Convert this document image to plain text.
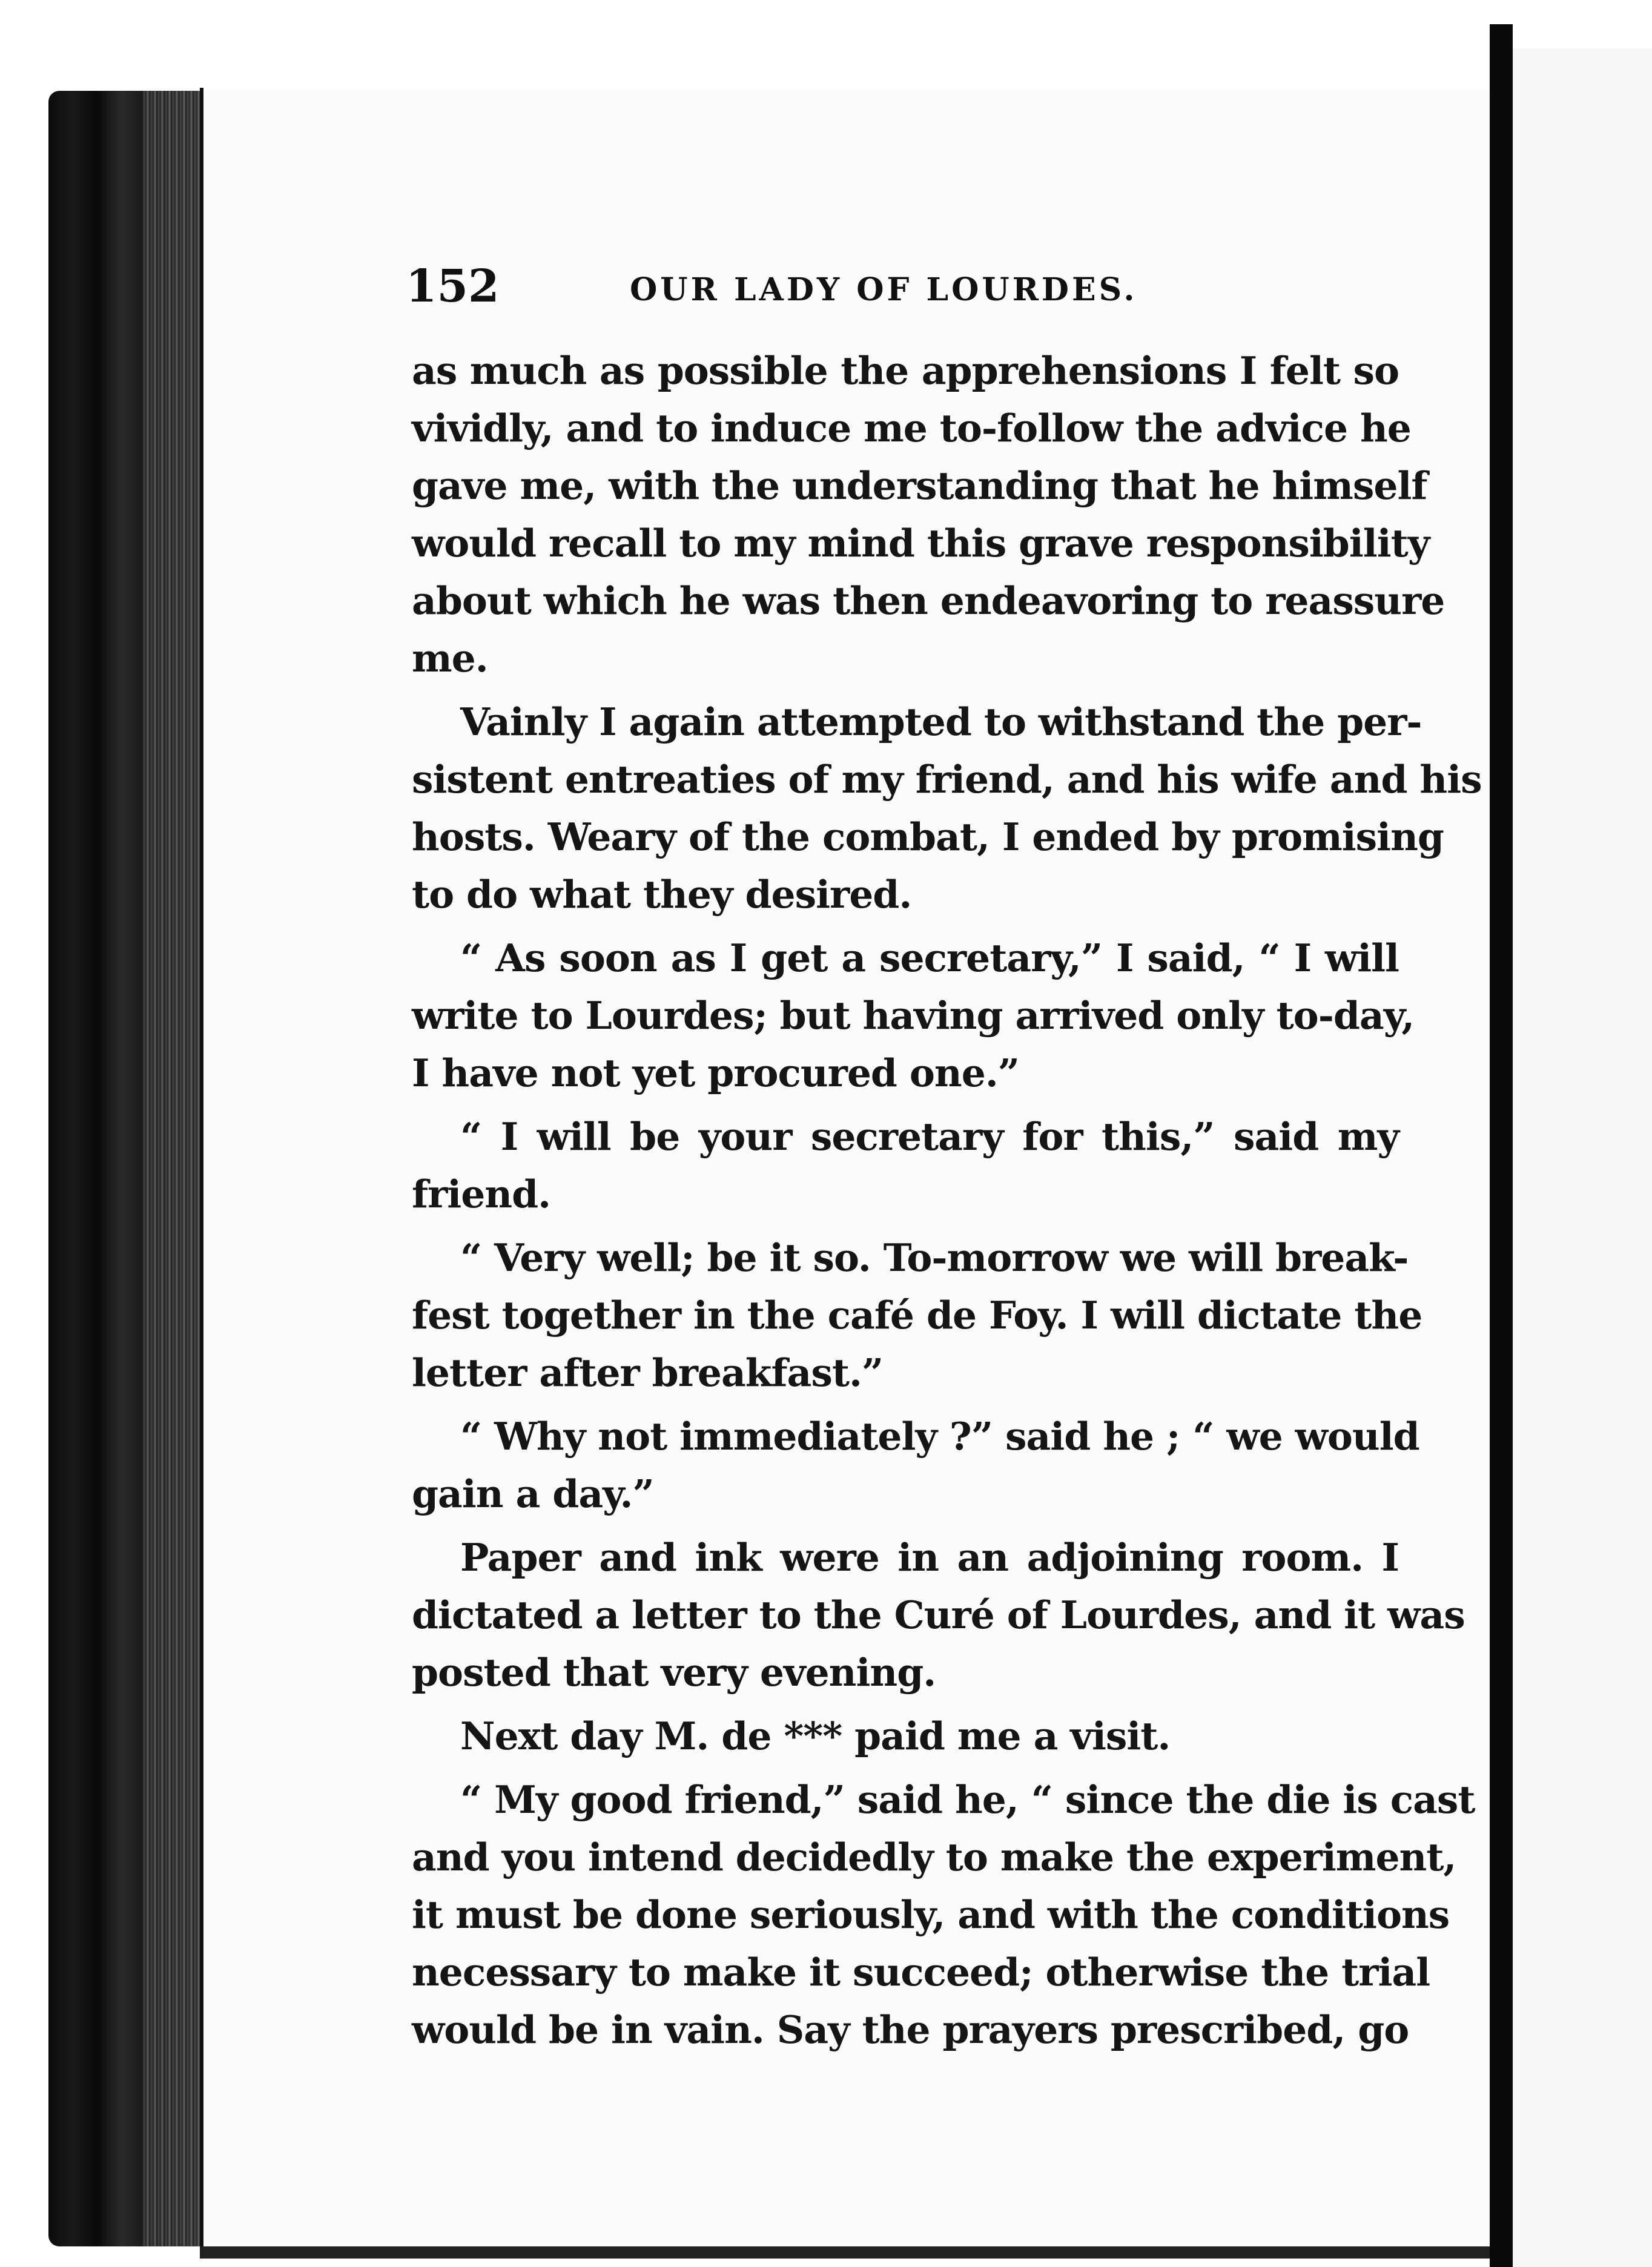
152	OUR LADY OF LOURDES.
as much as possible the apprehensions I felt so
vividly, and to induce me to-follow the advice he
gave me, with the understanding that he himself
would recall to my mind this grave responsibility
about which he was then endeavoring to reassure
me.
Vainly I again attempted to withstand the per-
sistent entreaties of my friend, and his wife and his
hosts. Weary of the combat, I ended by promising
to do what they desired.
“ As soon as I get a secretary,” I said, “ I will
write to Lourdes; but having arrived only to-day,
I have not yet procured one.”
“ I will be your secretary for this,” said my
friend.
“ Very well; be it so. To-morrow we will break-
fest together in the café de Foy. I will dictate the
letter after breakfast.”
“ Why not immediately ?” said he ; “ we would
gain a day.”
Paper and ink were in an adjoining room. I
dictated a letter to the Curé of Lourdes, and it was
posted that very evening.
Next day M. de *** paid me a visit.
“ My good friend,” said he, “ since the die is cast
and you intend decidedly to make the experiment,
it must be done seriously, and with the conditions
necessary to make it succeed; otherwise the trial
would be in vain. Say the prayers prescribed, go
